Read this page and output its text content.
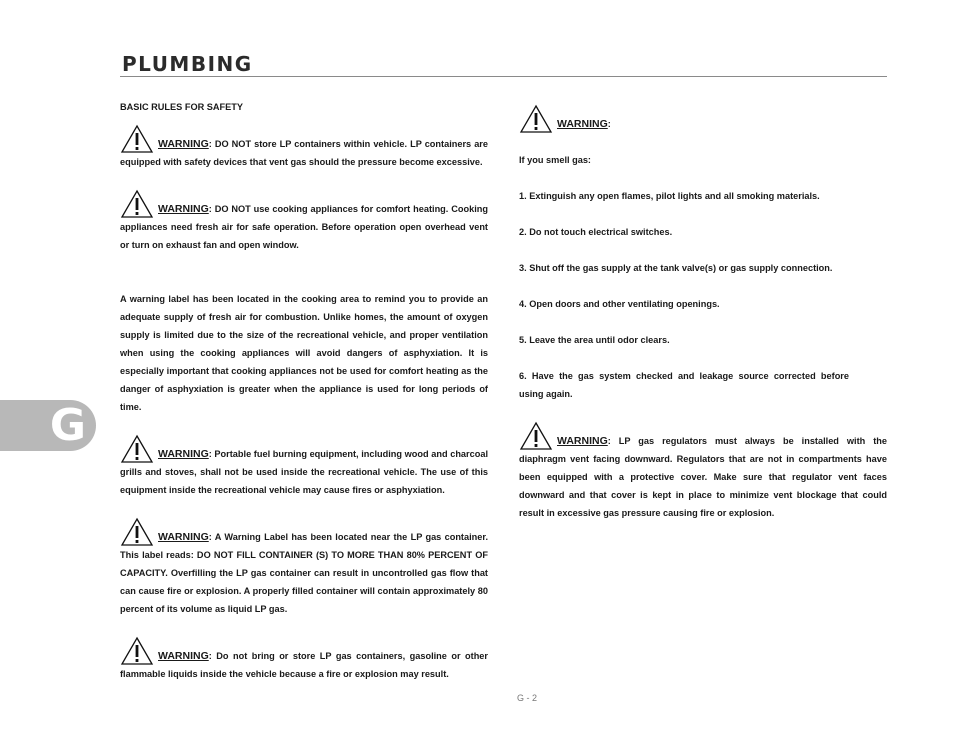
PLUMBING
G

BASIC RULES FOR SAFETY

WARNING: DO NOT store LP containers within vehicle. LP containers are equipped with safety devices that vent gas should the pressure become excessive.
WARNING: DO NOT use cooking appliances for comfort heating. Cooking appliances need fresh air for safe operation. Before operation open overhead vent or turn on exhaust fan and open window.

A warning label has been located in the cooking area to remind you to provide an adequate supply of fresh air for combustion. Unlike homes, the amount of oxygen supply is limited due to the size of the recreational vehicle, and proper ventilation when using the cooking appliances will avoid dangers of asphyxiation. It is especially important that cooking appliances not be used for comfort heating as the danger of asphyxiation is greater when the appliance is used for long periods of time.

WARNING: Portable fuel burning equipment, including wood and charcoal grills and stoves, shall not be used inside the recreational vehicle. The use of this equipment inside the recreational vehicle may cause fires or asphyxiation.
WARNING: A Warning Label has been located near the LP gas container. This label reads: DO NOT FILL CONTAINER (S) TO MORE THAN 80% PERCENT OF CAPACITY. Overfilling the LP gas container can result in uncontrolled gas flow that can cause fire or explosion. A properly filled container will contain approximately 80 percent of its volume as liquid LP gas.
WARNING: Do not bring or store LP gas containers, gasoline or other flammable liquids inside the vehicle because a fire or explosion may result.
WARNING:

If you smell gas:

1. Extinguish any open flames, pilot lights and all smoking materials.

2. Do not touch electrical switches.

3. Shut off the gas supply at the tank valve(s) or gas supply connection.

4. Open doors and other ventilating openings.

5. Leave the area until odor clears.

6. Have the gas system checked and leakage source corrected before using again.

WARNING: LP gas regulators must always be installed with the diaphragm vent facing downward. Regulators that are not in compartments have been equipped with a protective cover. Make sure that regulator vent faces downward and that cover is kept in place to minimize vent blockage that could result in excessive gas pressure causing fire or explosion.
G - 2
